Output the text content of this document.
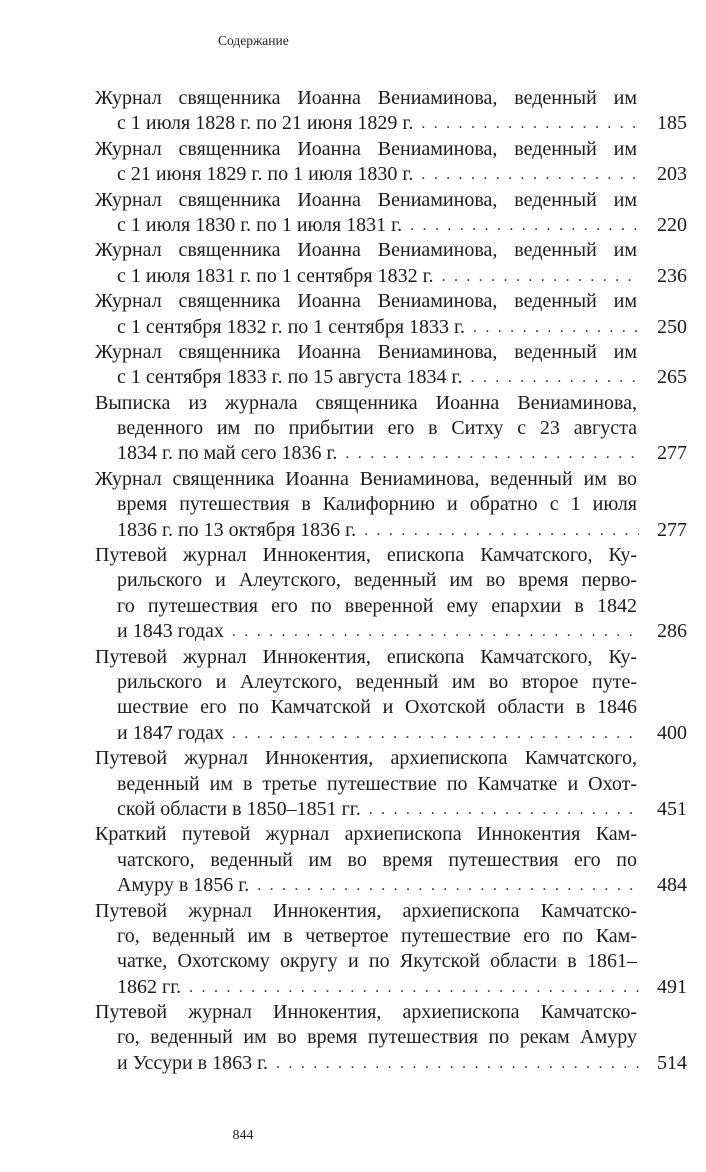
Содержание
Журнал священника Иоанна Вениаминова, веденный им
с 1 июля 1828 г. по 21 июня 1829 г. . . .	185
Журнал священника Иоанна Вениаминова, веденный им
с 21 июня 1829 г. по 1 июля 1830 г. . . .	203
Журнал священника Иоанна Вениаминова, веденный им
с 1 июля 1830 г. по 1 июля 1831 г. . . .	220
Журнал священника Иоанна Вениаминова, веденный им
с 1 июля 1831 г. по 1 сентября 1832 г. . . .	236
Журнал священника Иоанна Вениаминова, веденный им
с 1 сентября 1832 г. по 1 сентября 1833 г. . . .	250
Журнал священника Иоанна Вениаминова, веденный им
с 1 сентября 1833 г. по 15 августа 1834 г. . . .	265
Выписка из журнала священника Иоанна Вениаминова,
веденного им по прибытии его в Ситху с 23 августа
1834 г. по май сего 1836 г. . . .	277
Журнал священника Иоанна Вениаминова, веденный им во
время путешествия в Калифорнию и обратно с 1 июля
1836 г. по 13 октября 1836 г. . . .	277
Путевой журнал Иннокентия, епископа Камчатского, Ку-
рильского и Алеутского, веденный им во время перво-
го путешествия его по вверенной ему епархии в 1842
и 1843 годах . . .	286
Путевой журнал Иннокентия, епископа Камчатского, Ку-
рильского и Алеутского, веденный им во второе путе-
шествие его по Камчатской и Охотской области в 1846
и 1847 годах . . .	400
Путевой журнал Иннокентия, архиепископа Камчатского,
веденный им в третье путешествие по Камчатке и Охот-
ской области в 1850–1851 гг. . . .	451
Краткий путевой журнал архиепископа Иннокентия Кам-
чатского, веденный им во время путешествия его по
Амуру в 1856 г. . . .	484
Путевой журнал Иннокентия, архиепископа Камчатско-
го, веденный им в четвертое путешествие его по Кам-
чатке, Охотскому округу и по Якутской области в 1861–
1862 гг. . . .	491
Путевой журнал Иннокентия, архиепископа Камчатско-
го, веденный им во время путешествия по рекам Амуру
и Уссури в 1863 г. . . .	514
844
